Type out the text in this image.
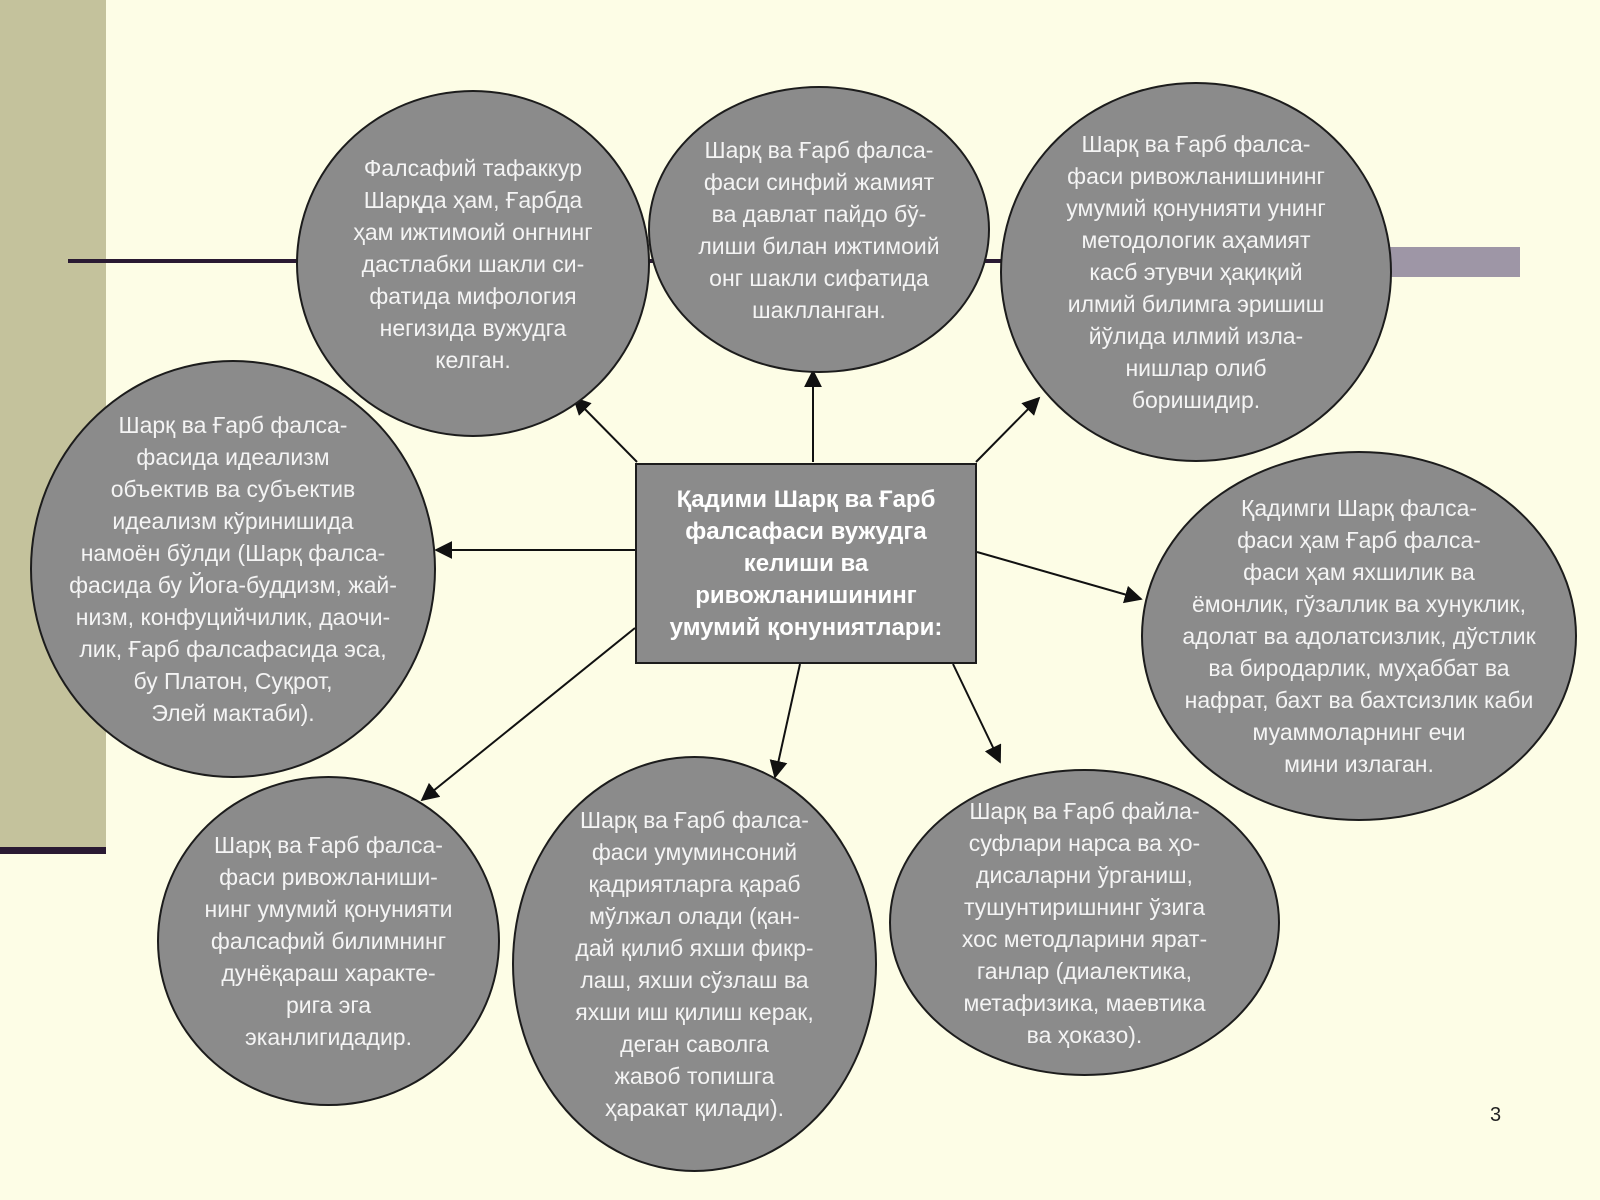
Фалсафий тафаккур
Шарқда ҳам, Ғарбда
ҳам ижтимоий онгнинг
дастлабки шакли си-
фатида мифология
негизида вужудга
келган.
Шарқ ва Ғарб фалса-
фаси синфий жамият
ва давлат пайдо бў-
лиши билан ижтимоий
онг шакли сифатида
шаклланган.
Шарқ ва Ғарб фалса-
фаси ривожланишининг
умумий қонунияти унинг
методологик аҳамият
касб этувчи ҳақиқий
илмий билимга эришиш
йўлида илмий изла-
нишлар олиб
боришидир.
Шарқ ва Ғарб фалса-
фасида идеализм
объектив ва субъектив
идеализм кўринишида
намоён бўлди (Шарқ фалса-
фасида бу Йога-буддизм, жай-
низм, конфуцийчилик, даочи-
лик, Ғарб фалсафасида эса,
бу Платон, Суқрот,
Элей мактаби).
Қадимги Шарқ фалса-
фаси ҳам Ғарб фалса-
фаси ҳам яхшилик ва
ёмонлик, гўзаллик ва хунуклик,
адолат ва адолатсизлик, дўстлик
ва биродарлик, муҳаббат ва
нафрат, бахт ва бахтсизлик каби
муаммоларнинг ечи
мини излаган.
Шарқ ва Ғарб фалса-
фаси ривожланиши-
нинг умумий қонунияти
фалсафий билимнинг
дунёқараш характе-
рига эга
эканлигидадир.
Шарқ ва Ғарб фалса-
фаси умуминсоний
қадриятларга қараб
мўлжал олади (қан-
дай қилиб яхши фикр-
лаш, яхши сўзлаш ва
яхши иш қилиш керак,
деган саволга
жавоб топишга
ҳаракат қилади).
Шарқ ва Ғарб файла-
суфлари нарса ва ҳо-
дисаларни ўрганиш,
тушунтиришнинг ўзига
хос методларини ярат-
ганлар (диалектика,
метафизика, маевтика
ва ҳоказо).
Қадими Шарқ ва Ғарб
фалсафаси вужудга
келиши ва
ривожланишининг
умумий қонуниятлари:
3
